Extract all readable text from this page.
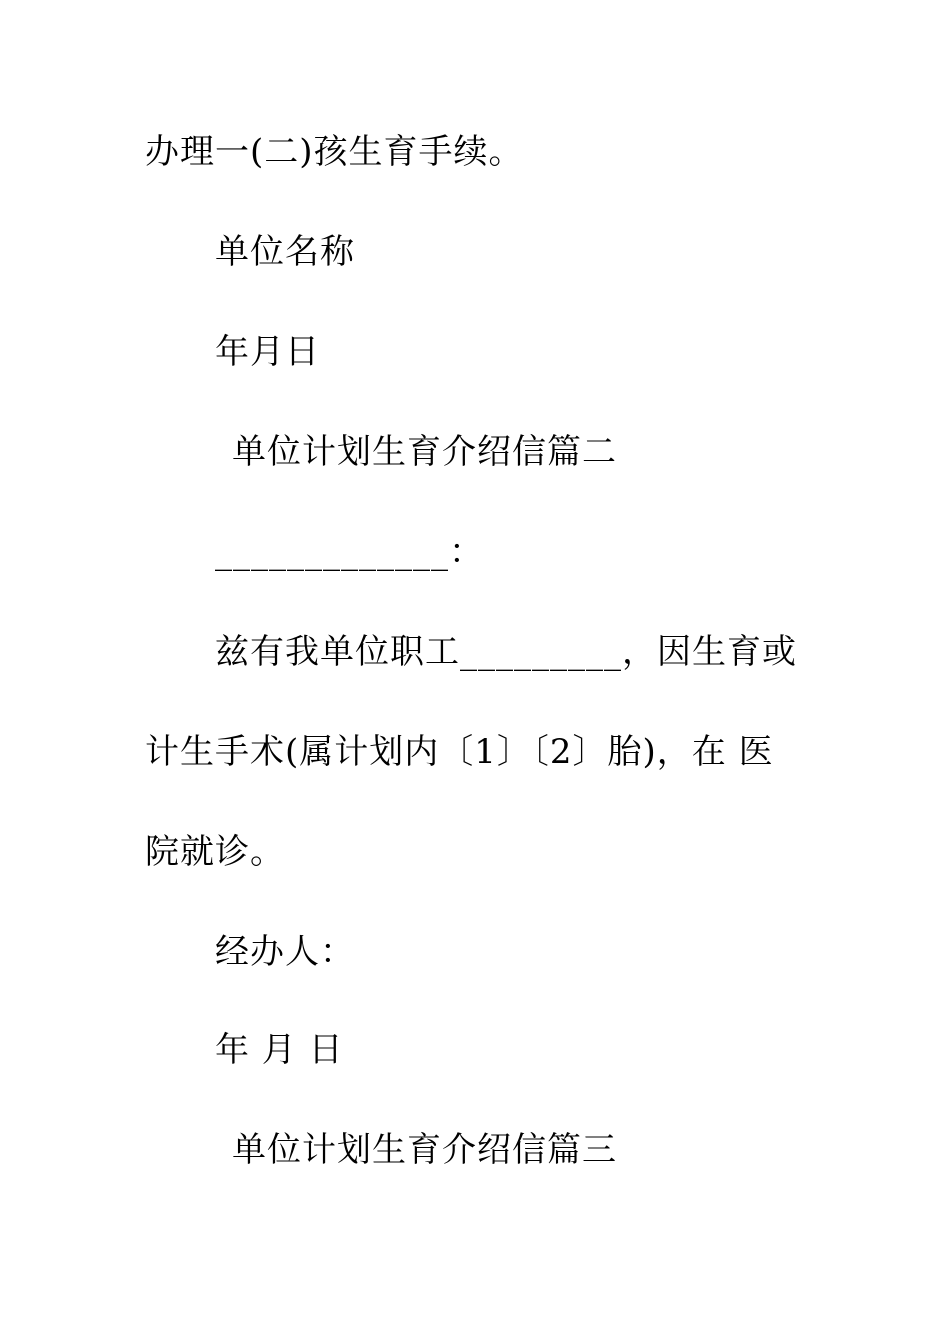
办理一(二)孩生育手续。
单位名称
年月日
单位计划生育介绍信篇二
_____________：
兹有我单位职工_________，因生育或
计生手术(属计划内〔1〕〔2〕胎)，在 医
院就诊。
经办人：
年 月 日
单位计划生育介绍信篇三
